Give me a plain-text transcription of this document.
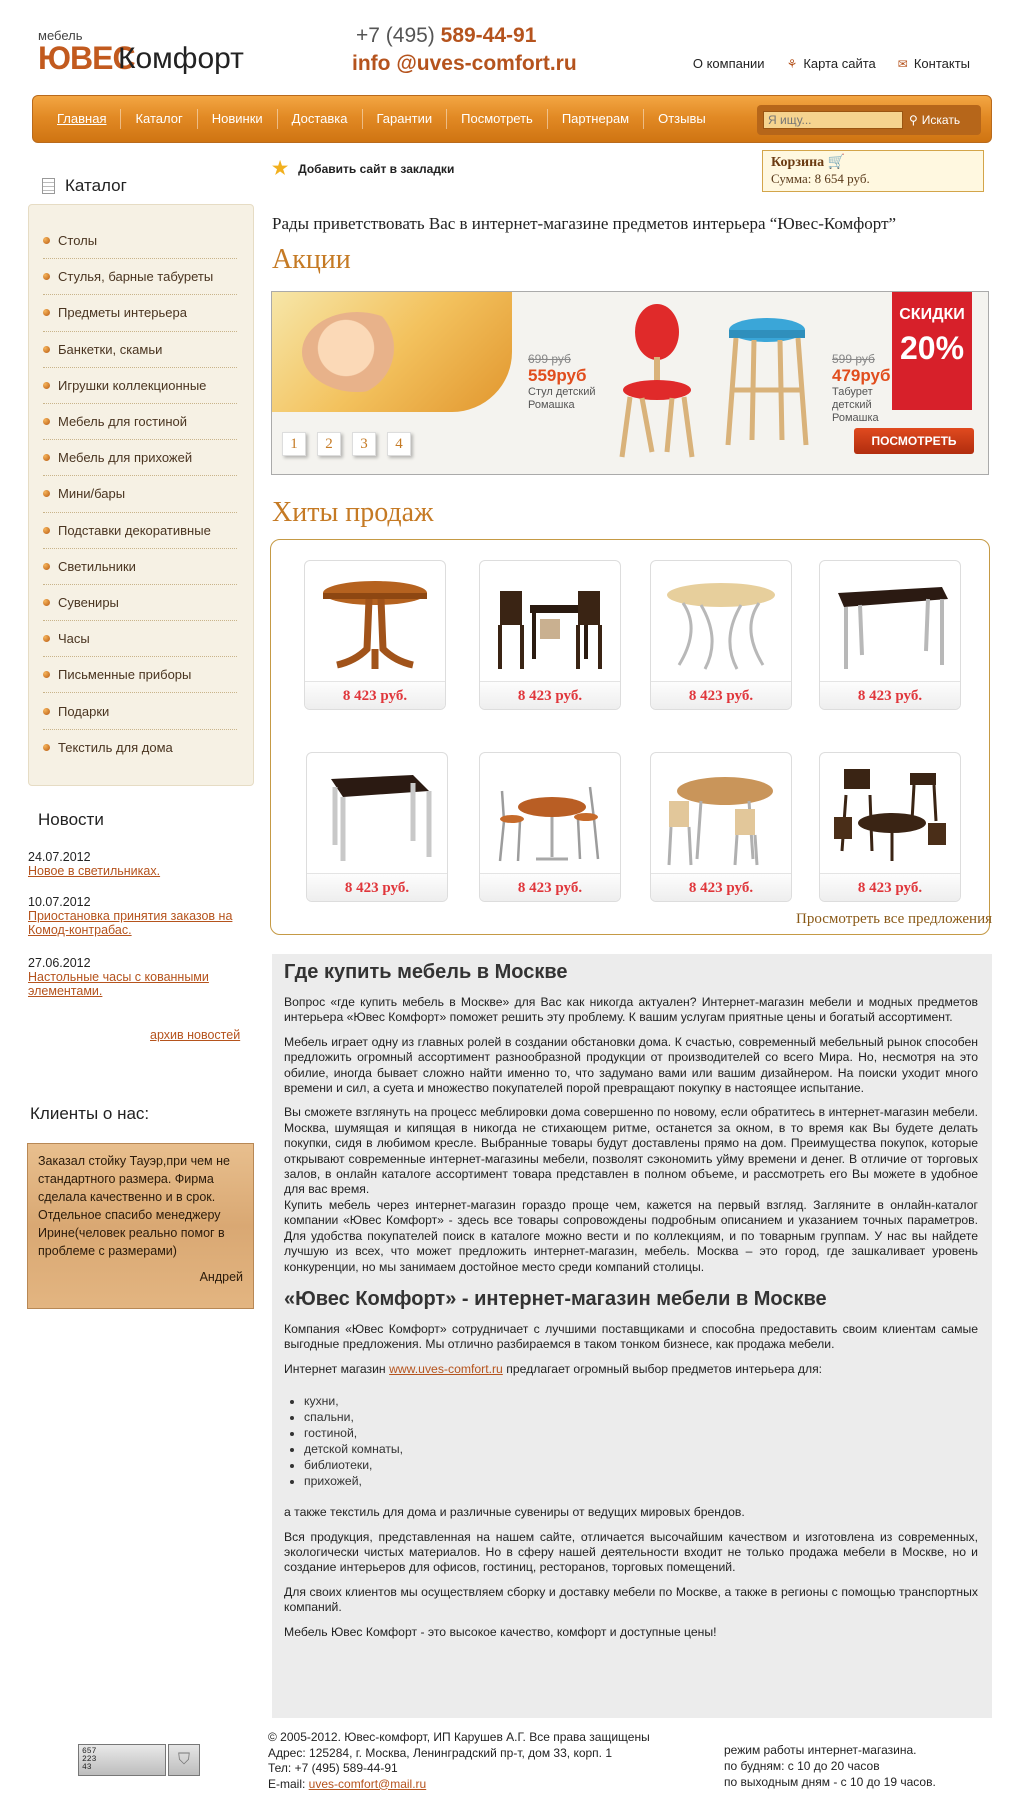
мебель
ЮВЕС
Комфорт
+7 (495) 589-44-91
info @uves-comfort.ru	О компании ⚘ Карта сайта ✉ Контакты
Главная	Каталог	Новинки	Доставка	Гарантии	Посмотреть	Партнерам	Отзывы
Я ищу...	⚲ Искать
★ Добавить сайт в закладки	Корзина 🛒
Сумма: 8 654 руб.
Каталог
Столы
Стулья, барные табуреты
Предметы интерьера
Банкетки, скамьи
Игрушки коллекционные
Мебель для гостиной
Мебель для прихожей
Мини/бары
Подставки декоративные
Светильники
Сувениры
Часы
Письменные приборы
Подарки
Текстиль для дома
Новости
24.07.2012
Новое в светильниках.
10.07.2012
Приостановка принятия заказов на Комод-контрабас.
27.06.2012
Настольные часы с кованными элементами.
архив новостей
Клиенты о нас:
Заказал стойку Тауэр,при чем не стандартного размера. Фирма сделала качественно и в срок. Отдельное спасибо менеджеру Ирине(человек реально помог в проблеме с размерами)
Андрей
Рады приветствовать Вас в интернет-магазине предметов интерьера “Ювес-Комфорт”
Акции
699 руб
559руб
Стул детский Ромашка
599 руб
479руб
Табурет детский Ромашка
СКИДКИ
20%
ПОСМОТРЕТЬ
1	2	3	4
Хиты продаж
8 423 руб.	8 423 руб.	8 423 руб.	8 423 руб.
8 423 руб.	8 423 руб.	8 423 руб.	8 423 руб.
Просмотреть все предложения
Где купить мебель в Москве

Вопрос «где купить мебель в Москве» для Вас как никогда актуален? Интернет-магазин мебели и модных предметов интерьера «Ювес Комфорт» поможет решить эту проблему. К вашим услугам приятные цены и богатый ассортимент.

Мебель играет одну из главных ролей в создании обстановки дома. К счастью, современный мебельный рынок способен предложить огромный ассортимент разнообразной продукции от производителей со всего Мира. Но, несмотря на это обилие, иногда бывает сложно найти именно то, что задумано вами или вашим дизайнером. На поиски уходит много времени и сил, а суета и множество покупателей порой превращают покупку в настоящее испытание.

Вы сможете взглянуть на процесс меблировки дома совершенно по новому, если обратитесь в интернет-магазин мебели. Москва, шумящая и кипящая в никогда не стихающем ритме, останется за окном, в то время как Вы будете делать покупки, сидя в любимом кресле. Выбранные товары будут доставлены прямо на дом. Преимущества покупок, которые открывают современные интернет-магазины мебели, позволят сэкономить уйму времени и денег. В отличие от торговых залов, в онлайн каталоге ассортимент товара представлен в полном объеме, и рассмотреть его Вы можете в удобное для вас время.

Купить мебель через интернет-магазин гораздо проще чем, кажется на первый взгляд. Загляните в онлайн-каталог компании «Ювес Комфорт» - здесь все товары сопровождены подробным описанием и указанием точных параметров. Для удобства покупателей поиск в каталоге можно вести и по коллекциям, и по товарным группам. У нас вы найдете лучшую из всех, что может предложить интернет-магазин, мебель. Москва – это город, где зашкаливает уровень конкуренции, но мы занимаем достойное место среди компаний столицы.

«Ювес Комфорт» - интернет-магазин мебели в Москве

Компания «Ювес Комфорт» сотрудничает с лучшими поставщиками и способна предоставить своим клиентам самые выгодные предложения. Мы отлично разбираемся в таком тонком бизнесе, как продажа мебели.

Интернет магазин www.uves-comfort.ru предлагает огромный выбор предметов интерьера для:

• кухни,
• спальни,
• гостиной,
• детской комнаты,
• библиотеки,
• прихожей,

а также текстиль для дома и различные сувениры от ведущих мировых брендов.

Вся продукция, представленная на нашем сайте, отличается высочайшим качеством и изготовлена из современных, экологически чистых материалов. Но в сферу нашей деятельности входит не только продажа мебели в Москве, но и создание интерьеров для офисов, гостиниц, ресторанов, торговых помещений.

Для своих клиентов мы осуществляем сборку и доставку мебели по Москве, а также в регионы с помощью транспортных компаний.

Мебель Ювес Комфорт - это высокое качество, комфорт и доступные цены!

657
223
43	⛉
© 2005-2012. Ювес-комфорт, ИП Карушев А.Г. Все права защищены
Адрес: 125284, г. Москва, Ленинградский пр-т, дом 33, корп. 1
Тел: +7 (495) 589-44-91
E-mail: uves-comfort@mail.ru
режим работы интернет-магазина.
по будням: с 10 до 20 часов
по выходным дням - с 10 до 19 часов.
